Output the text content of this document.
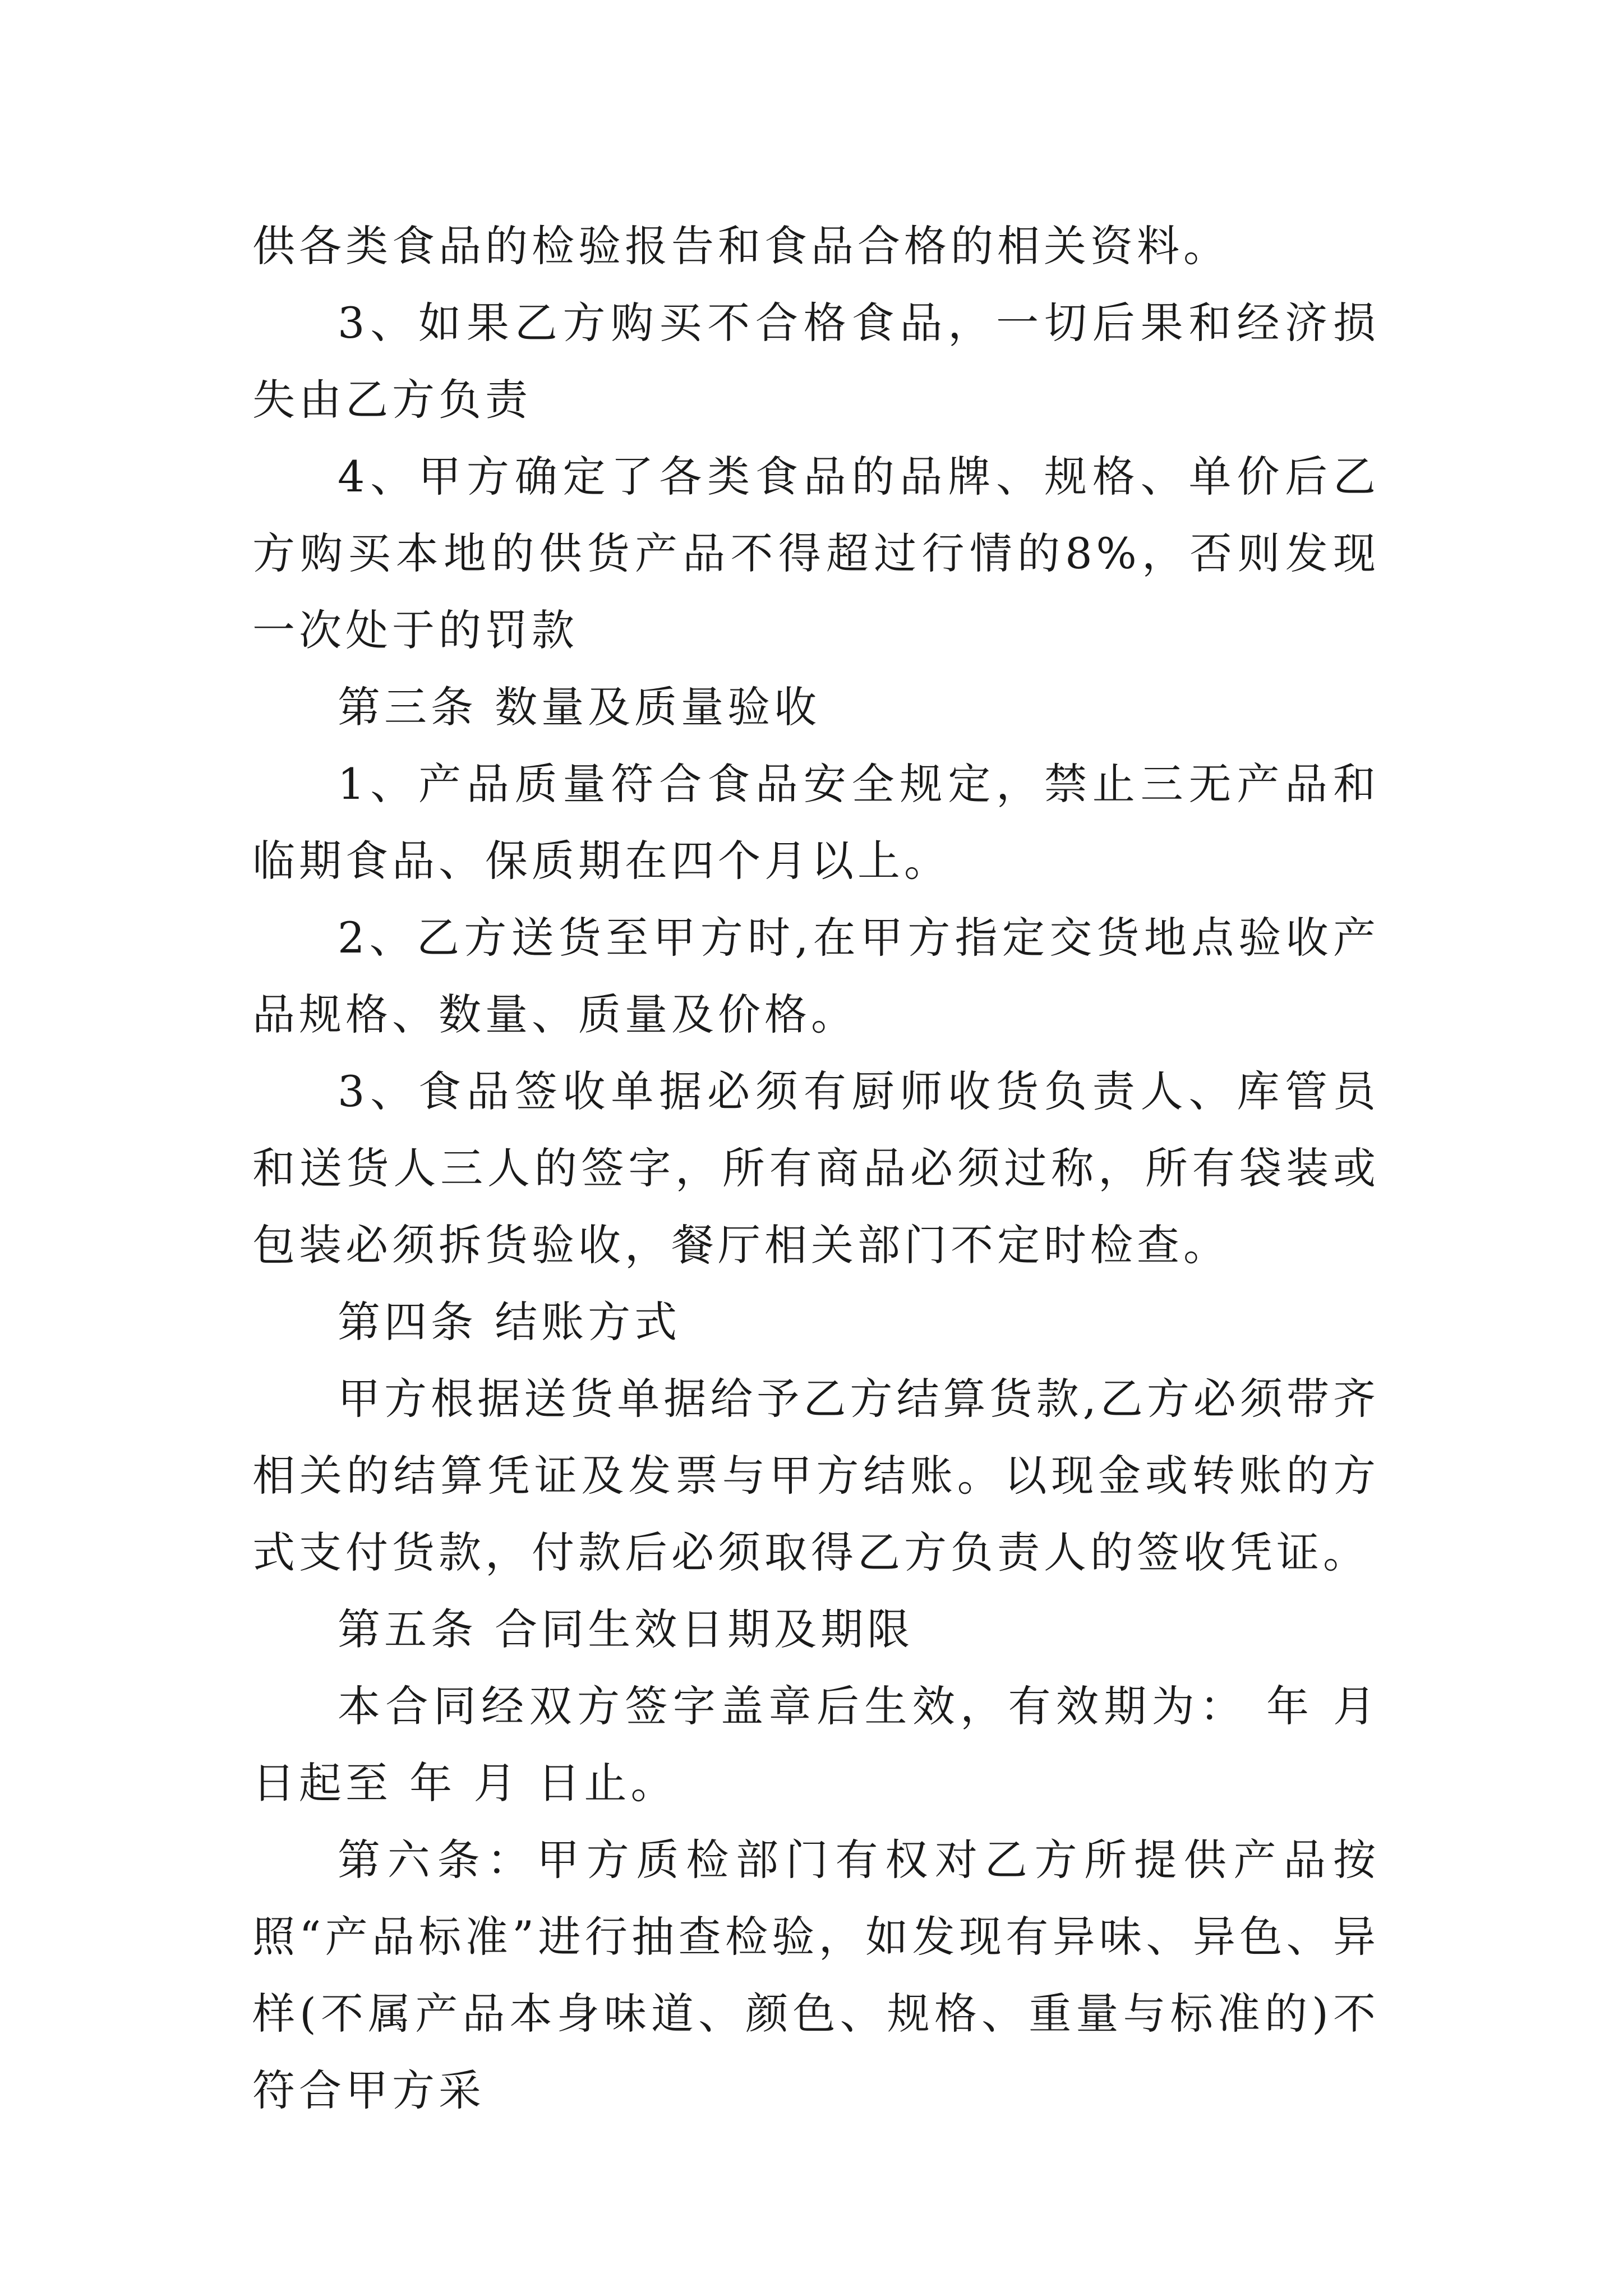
供各类食品的检验报告和食品合格的相关资料。

3、如果乙方购买不合格食品，一切后果和经济损失由乙方负责

4、甲方确定了各类食品的品牌、规格、单价后乙方购买本地的供货产品不得超过行情的8%，否则发现一次处于的罚款

第三条 数量及质量验收

1、产品质量符合食品安全规定，禁止三无产品和临期食品、保质期在四个月以上。

2、乙方送货至甲方时,在甲方指定交货地点验收产品规格、数量、质量及价格。

3、食品签收单据必须有厨师收货负责人、库管员和送货人三人的签字，所有商品必须过称，所有袋装或包装必须拆货验收，餐厅相关部门不定时检查。

第四条 结账方式

甲方根据送货单据给予乙方结算货款,乙方必须带齐相关的结算凭证及发票与甲方结账。以现金或转账的方式支付货款，付款后必须取得乙方负责人的签收凭证。

第五条 合同生效日期及期限

本合同经双方签字盖章后生效，有效期为： 年 月 日起至 年 月 日止。

第六条：甲方质检部门有权对乙方所提供产品按照“产品标准”进行抽查检验，如发现有异味、异色、异样(不属产品本身味道、颜色、规格、重量与标准的)不符合甲方采
